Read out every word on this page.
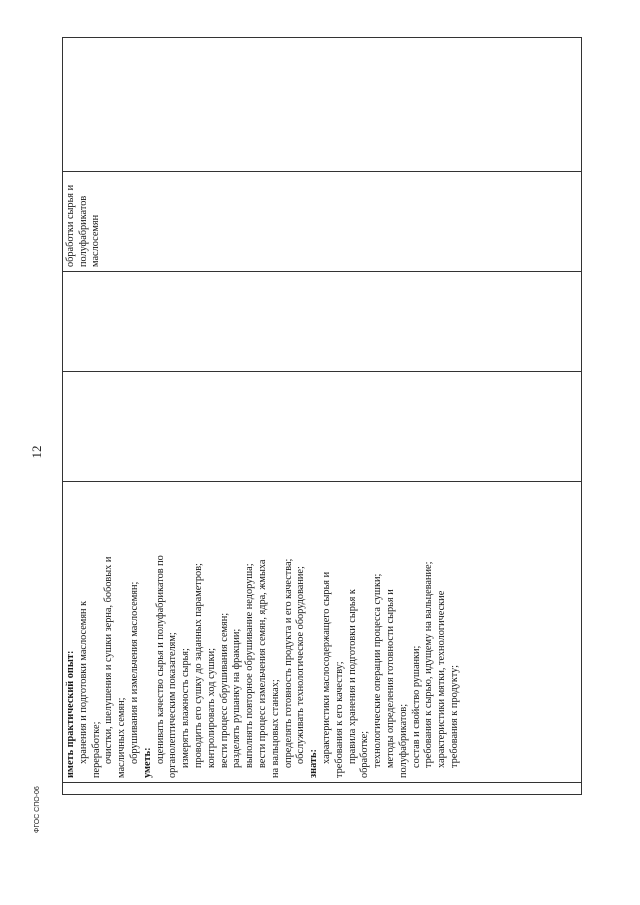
12
ФГОС СПО-06

иметь практический опыт: хранения и подготовки маслосемян к переработке; очистки, шелушения и сушки зерна, бобовых и масличных семян; обрушивания и измельчения маслосемян; уметь: оценивать качество сырья и полуфабрикатов по органолептическим показателям; измерять влажность сырья; проводить его сушку до заданных параметров; контролировать ход сушки; вести процесс обрушивания семян; разделять рушанку на фракции; выполнять повторное обрушивание недоруша; вести процесс измельчения семян, ядра, жмыха на вальцовых станках; определять готовность продукта и его качества; обслуживать технологическое оборудование; знать: характеристики маслосодержащего сырья и требования к его качеству; правила хранения и подготовки сырья к обработке; технологические операции процесса сушки; методы определения готовности сырья и полуфабрикатов; состав и свойство рушанки; требования к сырью, идущему на вальцевание; характеристики мятки, технологические требования к продукту;

обработки сырья и полуфабрикатов маслосемян
